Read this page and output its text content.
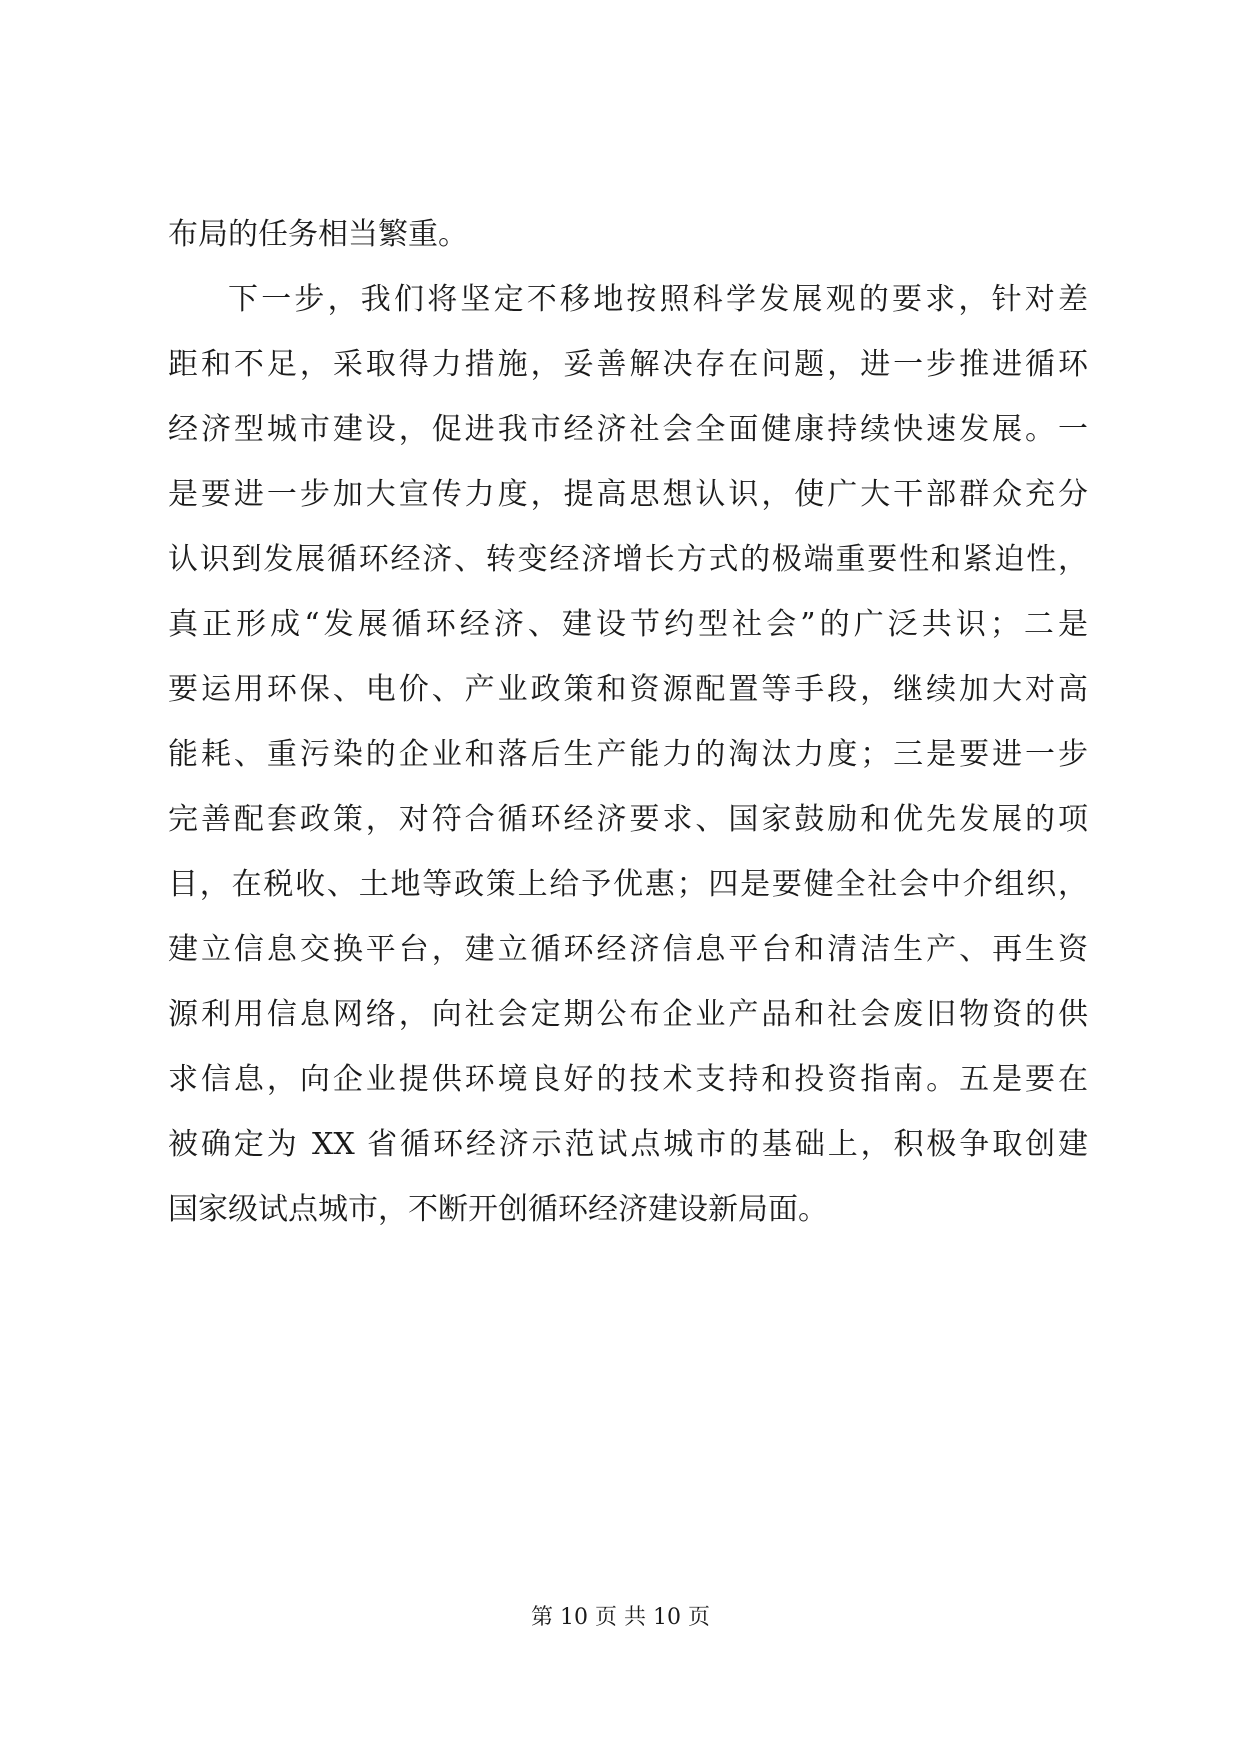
布局的任务相当繁重。
下一步，我们将坚定不移地按照科学发展观的要求，针对差
距和不足，采取得力措施，妥善解决存在问题，进一步推进循环
经济型城市建设，促进我市经济社会全面健康持续快速发展。一
是要进一步加大宣传力度，提高思想认识，使广大干部群众充分
认识到发展循环经济、转变经济增长方式的极端重要性和紧迫性，
真正形成“发展循环经济、建设节约型社会”的广泛共识；二是
要运用环保、电价、产业政策和资源配置等手段，继续加大对高
能耗、重污染的企业和落后生产能力的淘汰力度；三是要进一步
完善配套政策，对符合循环经济要求、国家鼓励和优先发展的项
目，在税收、土地等政策上给予优惠；四是要健全社会中介组织，
建立信息交换平台，建立循环经济信息平台和清洁生产、再生资
源利用信息网络，向社会定期公布企业产品和社会废旧物资的供
求信息，向企业提供环境良好的技术支持和投资指南。五是要在
被确定为 XX 省循环经济示范试点城市的基础上，积极争取创建
国家级试点城市，不断开创循环经济建设新局面。
第 10 页 共 10 页
